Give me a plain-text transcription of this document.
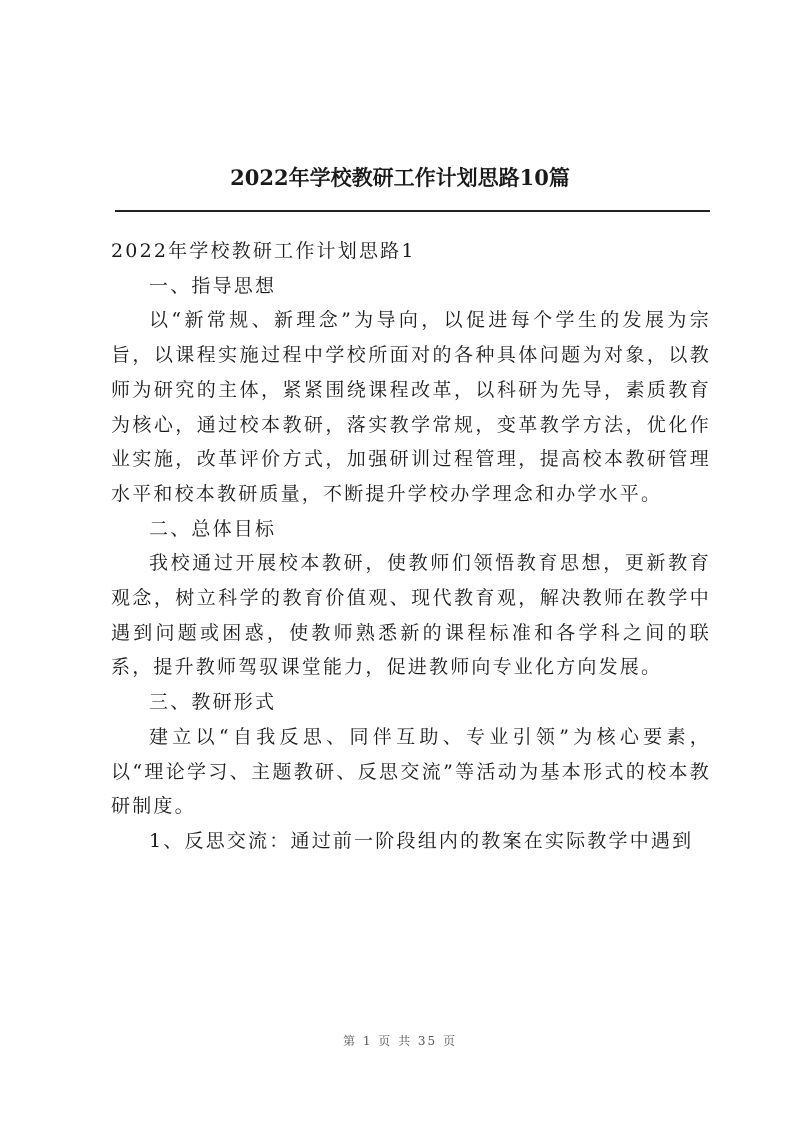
2022年学校教研工作计划思路10篇

2022年学校教研工作计划思路1

一、指导思想

以“新常规、新理念”为导向，以促进每个学生的发展为宗旨，以课程实施过程中学校所面对的各种具体问题为对象，以教师为研究的主体，紧紧围绕课程改革，以科研为先导，素质教育为核心，通过校本教研，落实教学常规，变革教学方法，优化作业实施，改革评价方式，加强研训过程管理，提高校本教研管理水平和校本教研质量，不断提升学校办学理念和办学水平。

二、总体目标

我校通过开展校本教研，使教师们领悟教育思想，更新教育观念，树立科学的教育价值观、现代教育观，解决教师在教学中遇到问题或困惑，使教师熟悉新的课程标准和各学科之间的联系，提升教师驾驭课堂能力，促进教师向专业化方向发展。

三、教研形式

建立以“自我反思、同伴互助、专业引领”为核心要素，以“理论学习、主题教研、反思交流”等活动为基本形式的校本教研制度。

1、反思交流：通过前一阶段组内的教案在实际教学中遇到

第 1 页 共 35 页
